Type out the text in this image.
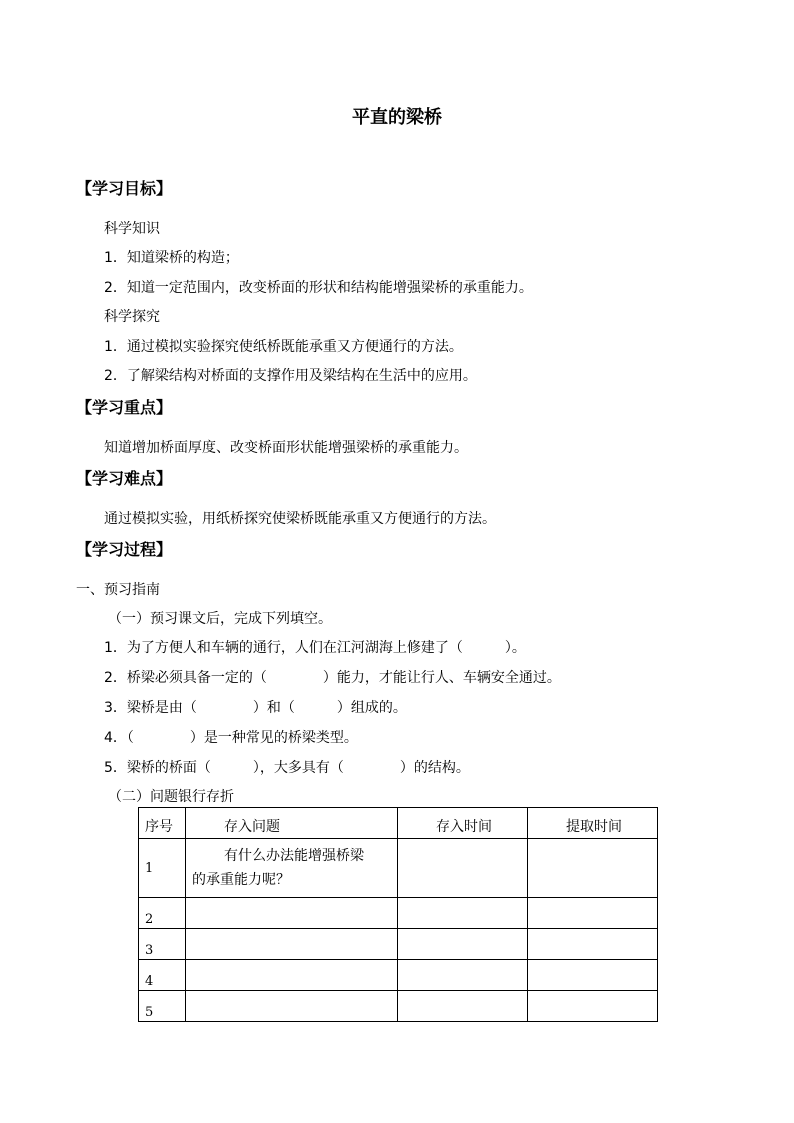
平直的梁桥
【学习目标】
科学知识
1．知道梁桥的构造；
2．知道一定范围内，改变桥面的形状和结构能增强梁桥的承重能力。
科学探究
1．通过模拟实验探究使纸桥既能承重又方便通行的方法。
2．了解梁结构对桥面的支撑作用及梁结构在生活中的应用。
【学习重点】
知道增加桥面厚度、改变桥面形状能增强梁桥的承重能力。
【学习难点】
通过模拟实验，用纸桥探究使梁桥既能承重又方便通行的方法。
【学习过程】
一、预习指南
（一）预习课文后，完成下列填空。
1．为了方便人和车辆的通行，人们在江河湖海上修建了（　　　）。
2．桥梁必须具备一定的（　　　　）能力，才能让行人、车辆安全通过。
3．梁桥是由（　　　　）和（　　　）组成的。
4．（　　　　）是一种常见的桥梁类型。
5．梁桥的桥面（　　　），大多具有（　　　　）的结构。
（二）问题银行存折
序号	存入问题	存入时间	提取时间
1	有什么办法能增强桥梁
的承重能力呢？		

2			
3			
4			
5			
